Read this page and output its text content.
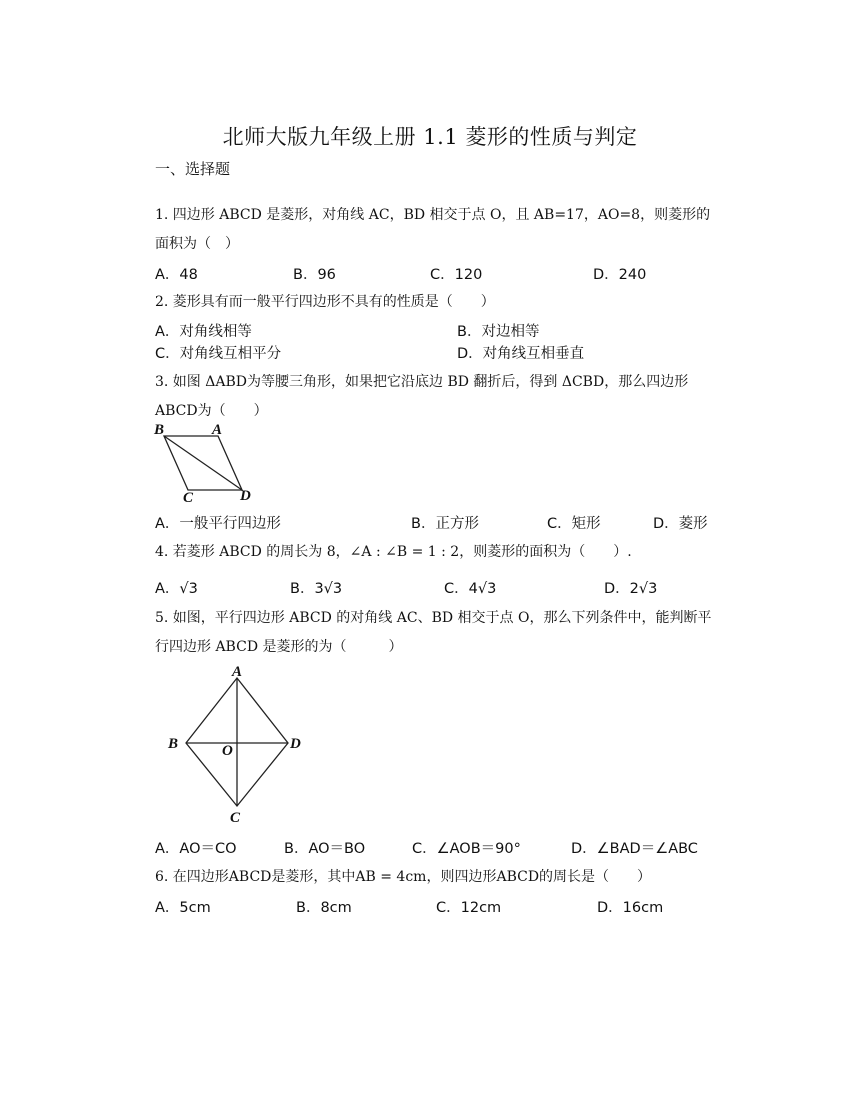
北师大版九年级上册 1.1 菱形的性质与判定
一、选择题
1. 四边形 ABCD 是菱形，对角线 AC，BD 相交于点 O，且 AB=17，AO=8，则菱形的面积为（　）
A．48	B．96	C．120	D．240
2. 菱形具有而一般平行四边形不具有的性质是（　　）
A．对角线相等	B．对边相等
C．对角线互相平分	D．对角线互相垂直
3. 如图 ΔABD为等腰三角形，如果把它沿底边 BD 翻折后，得到 ΔCBD，那么四边形ABCD为（　　）
B	A
C	D
A．一般平行四边形	B．正方形	C．矩形	D．菱形
4. 若菱形 ABCD 的周长为 8，∠A : ∠B = 1 : 2，则菱形的面积为（　　）.
A．√3	B．3√3	C．4√3	D．2√3
5. 如图，平行四边形 ABCD 的对角线 AC、BD 相交于点 O，那么下列条件中，能判断平行四边形 ABCD 是菱形的为（　　　）
A
B	O	D
C
A．AO＝CO	B．AO＝BO	C．∠AOB＝90°	D．∠BAD＝∠ABC
6. 在四边形ABCD是菱形，其中AB = 4cm，则四边形ABCD的周长是（　　）
A．5cm	B．8cm	C．12cm	D．16cm
